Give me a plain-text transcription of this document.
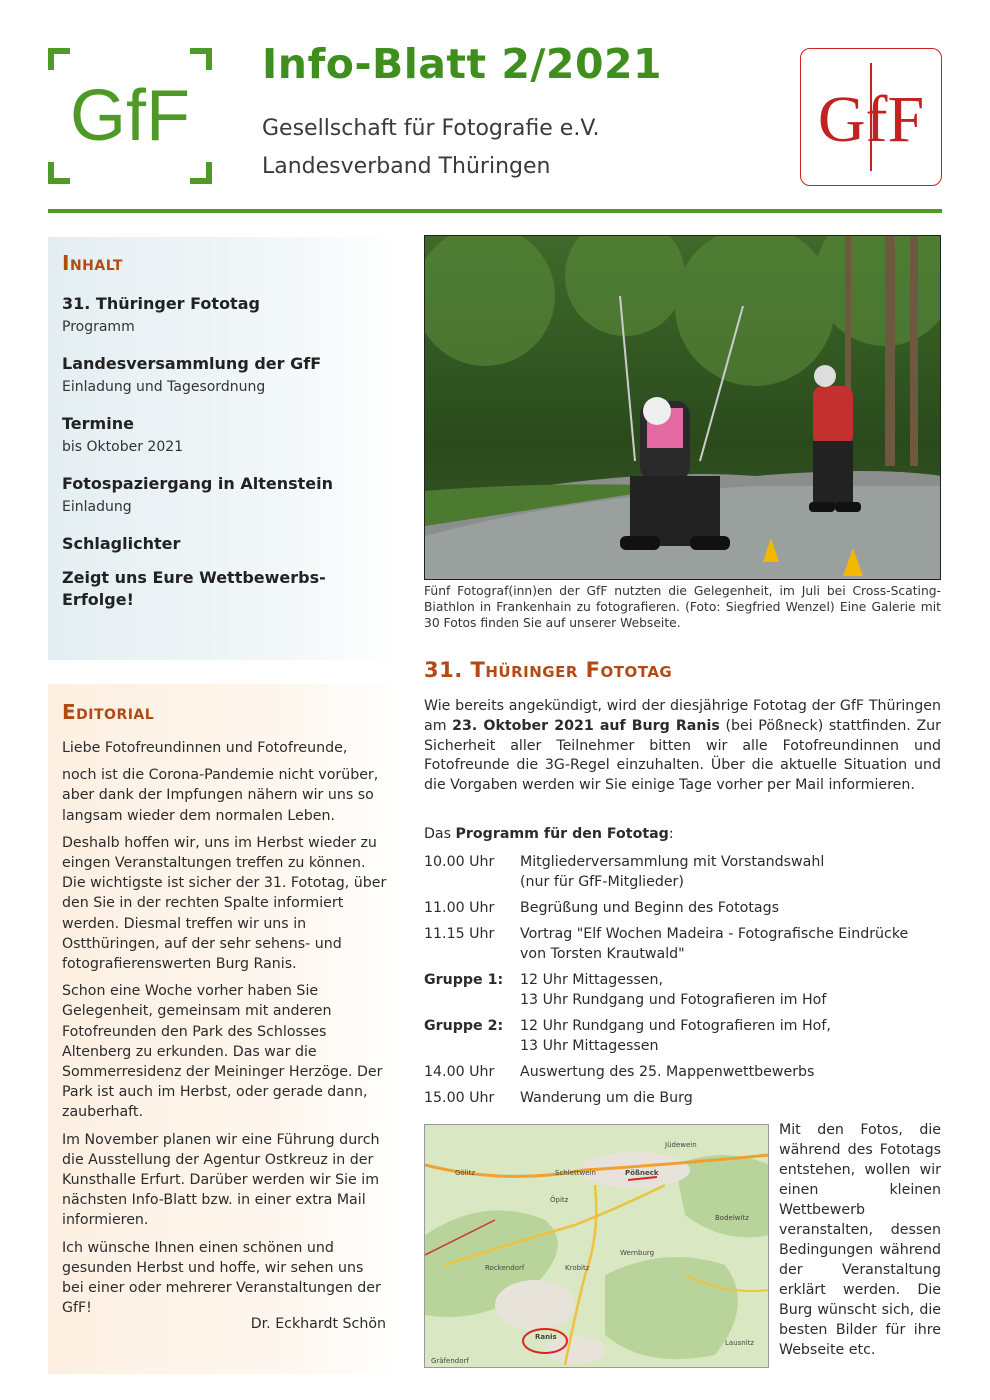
GfF
Info-Blatt 2/2021
Gesellschaft für Fotografie e.V.
Landesverband Thüringen
GfF
Inhalt
31. Thüringer Fototag
Programm
Landesversammlung der GfF
Einladung und Tagesordnung
Termine
bis Oktober 2021
Fotospaziergang in Altenstein
Einladung
Schlaglichter
Zeigt uns Eure Wettbewerbs-Erfolge!
Editorial

Liebe Fotofreundinnen und Fotofreunde,

noch ist die Corona-Pandemie nicht vorüber, aber dank der Impfungen nähern wir uns so langsam wieder dem normalen Leben.

Deshalb hoffen wir, uns im Herbst wieder zu eingen Veranstaltungen treffen zu können. Die wichtigste ist sicher der 31. Fototag, über den Sie in der rechten Spalte informiert werden. Diesmal treffen wir uns in Ostthüringen, auf der sehr sehens- und fotografierenswerten Burg Ranis.

Schon eine Woche vorher haben Sie Gelegenheit, gemeinsam mit anderen Fotofreunden den Park des Schlosses Altenberg zu erkunden. Das war die Sommerresidenz der Meininger Herzöge. Der Park ist auch im Herbst, oder gerade dann, zauberhaft.

Im November planen wir eine Führung durch die Ausstellung der Agentur Ostkreuz in der Kunsthalle Erfurt. Darüber werden wir Sie im nächsten Info-Blatt bzw. in einer extra Mail informieren.

Ich wünsche Ihnen einen schönen und gesunden Herbst und hoffe, wir sehen uns bei einer oder mehrerer Veranstaltungen der GfF!

Dr. Eckhardt Schön
Fünf Fotograf(inn)en der GfF nutzten die Gelegenheit, im Juli bei Cross-Scating-Biathlon in Frankenhain zu fotografieren. (Foto: Siegfried Wenzel) Eine Galerie mit 30 Fotos finden Sie auf unserer Webseite.
31. Thüringer Fototag
Wie bereits angekündigt, wird der diesjährige Fototag der GfF Thüringen am 23. Oktober 2021 auf Burg Ranis (bei Pößneck) stattfinden. Zur Sicherheit aller Teilnehmer bitten wir alle Fotofreundinnen und Fotofreunde die 3G-Regel einzuhalten. Über die aktuelle Situation und die Vorgaben werden wir Sie einige Tage vorher per Mail informieren.
Das Programm für den Fototag:
10.00 Uhr	Mitgliederversammlung mit Vorstandswahl
(nur für GfF-Mitglieder)
11.00 Uhr	Begrüßung und Beginn des Fototags
11.15 Uhr	Vortrag "Elf Wochen Madeira - Fotografische Eindrücke
von Torsten Krautwald"
Gruppe 1:	12 Uhr Mittagessen,
13 Uhr Rundgang und Fotografieren im Hof
Gruppe 2:	12 Uhr Rundgang und Fotografieren im Hof,
13 Uhr Mittagessen
14.00 Uhr	Auswertung des 25. Mappenwettbewerbs
15.00 Uhr	Wanderung um die Burg
Pößneck
Ranis
Schlettwein
Öpitz
Krobitz
Wernburg
Bodelwitz
Gräfendorf
Rockendorf
Lausnitz
Jüdewein
Gölitz
Mit den Fotos, die während des Fototags entstehen, wollen wir einen kleinen Wettbewerb veranstalten, dessen Bedingungen während der Veranstaltung erklärt werden. Die Burg wünscht sich, die besten Bilder für ihre Webseite etc.
